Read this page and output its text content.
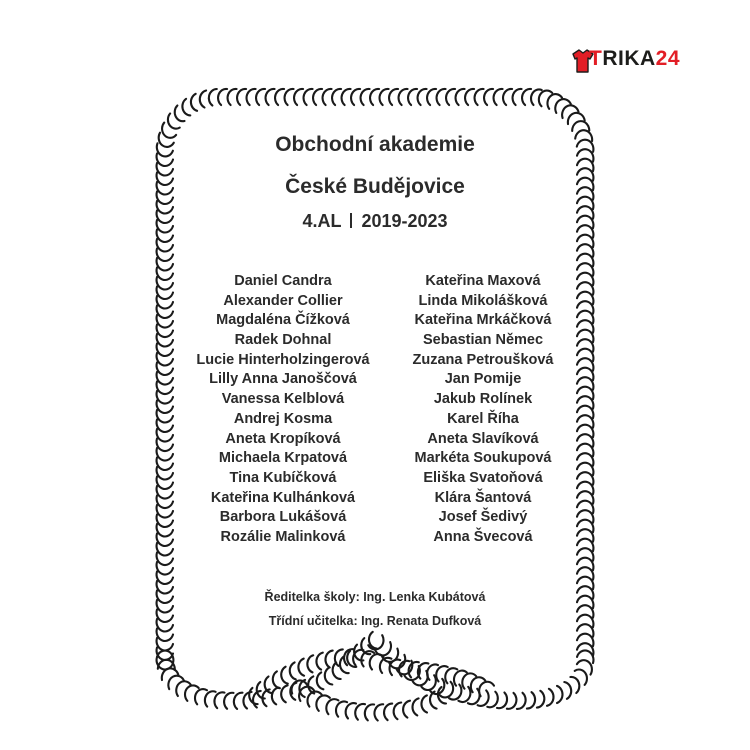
TRIKA24
Obchodní akademie
České Budějovice
4.AL 2019-2023
Daniel Candra
Alexander Collier
Magdaléna Čížková
Radek Dohnal
Lucie Hinterholzingerová
Lilly Anna Janoščová
Vanessa Kelblová
Andrej Kosma
Aneta Kropíková
Michaela Krpatová
Tina Kubíčková
Kateřina Kulhánková
Barbora Lukášová
Rozálie Malinková
Kateřina Maxová
Linda Mikolášková
Kateřina Mrkáčková
Sebastian Němec
Zuzana Petroušková
Jan Pomije
Jakub Rolínek
Karel Říha
Aneta Slavíková
Markéta Soukupová
Eliška Svatoňová
Klára Šantová
Josef Šedivý
Anna Švecová
Ředitelka školy: Ing. Lenka Kubátová
Třídní učitelka: Ing. Renata Dufková
